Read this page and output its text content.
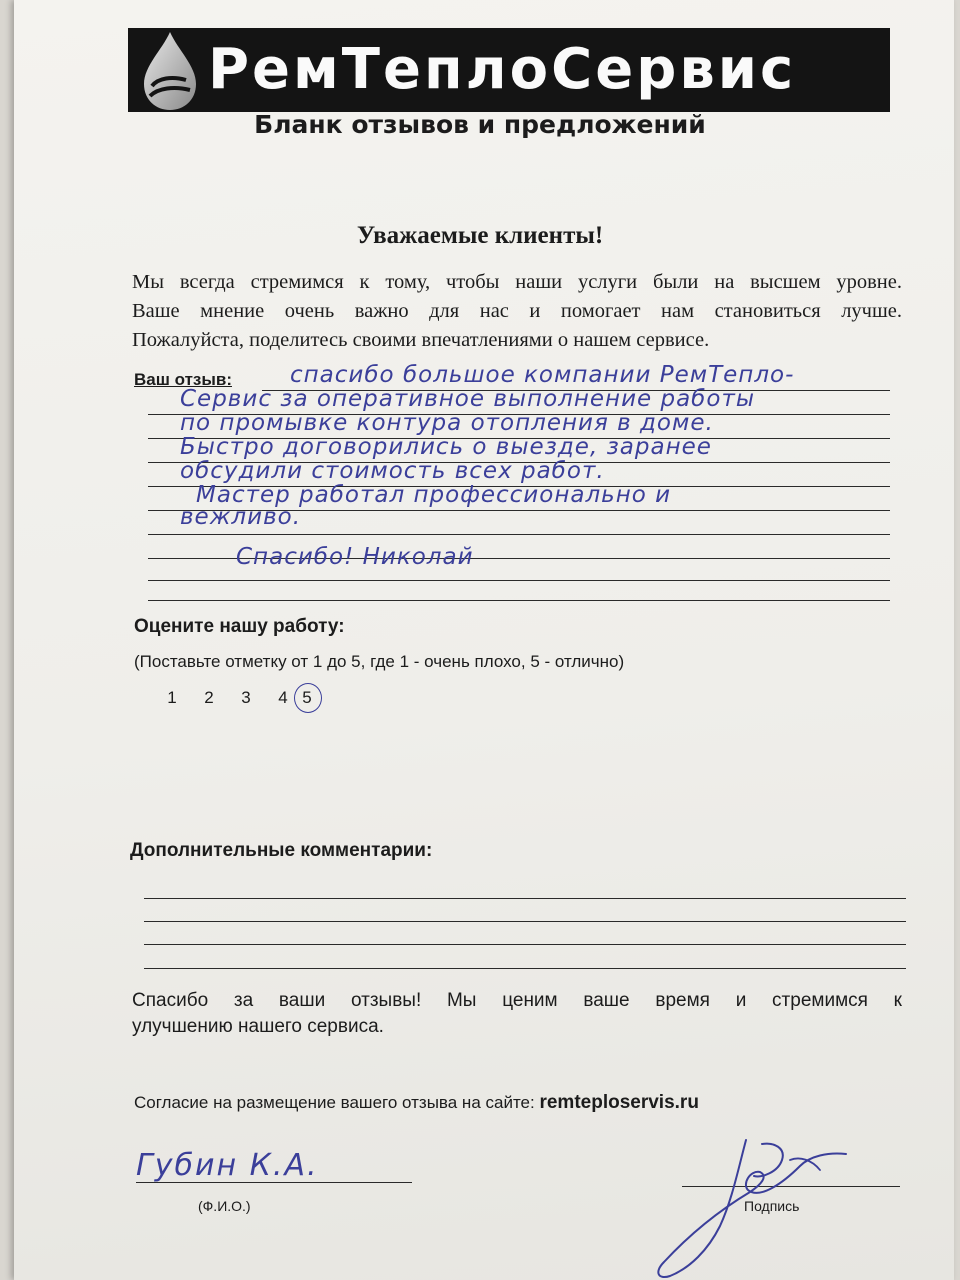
РемТеплоСервис
Бланк отзывов и предложений
Уважаемые клиенты!

Мы всегда стремимся к тому, чтобы наши услуги были на высшем уровне.

Ваше мнение очень важно для нас и помогает нам становиться лучше.

Пожалуйста, поделитесь своими впечатлениями о нашем сервисе.

Ваш отзыв:	спасибо большое компании РемТепло-
Сервис за оперативное выполнение работы
по промывке контура отопления в доме.
Быстро договорились о выезде, заранее
обсудили стоимость всех работ.
Мастер работал профессионально и
вежливо.
Спасибо! Николай
Оцените нашу работу:
(Поставьте отметку от 1 до 5, где 1 - очень плохо, 5 - отлично)
1	2	3	4 5
Дополнительные комментарии:

Спасибо за ваши отзывы! Мы ценим ваше время и стремимся к

улучшению нашего сервиса.

Согласие на размещение вашего отзыва на сайте: remteploservis.ru
Губин К.А.
(Ф.И.О.)	Подпись
